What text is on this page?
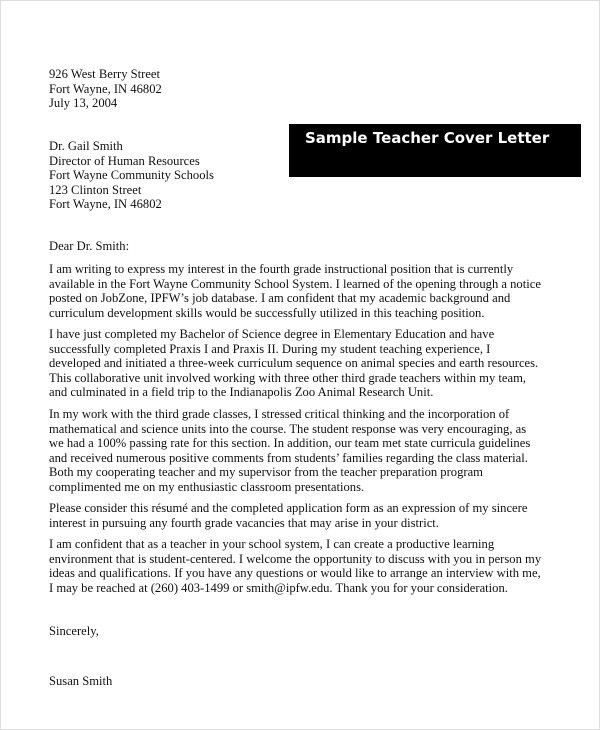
926 West Berry Street
Fort Wayne, IN 46802
July 13, 2004
Dr. Gail Smith
Director of Human Resources
Fort Wayne Community Schools
123 Clinton Street
Fort Wayne, IN 46802
Sample Teacher Cover Letter
Dear Dr. Smith:
I am writing to express my interest in the fourth grade instructional position that is currently
available in the Fort Wayne Community School System. I learned of the opening through a notice
posted on JobZone, IPFW’s job database. I am confident that my academic background and
curriculum development skills would be successfully utilized in this teaching position.
I have just completed my Bachelor of Science degree in Elementary Education and have
successfully completed Praxis I and Praxis II. During my student teaching experience, I
developed and initiated a three-week curriculum sequence on animal species and earth resources.
This collaborative unit involved working with three other third grade teachers within my team,
and culminated in a field trip to the Indianapolis Zoo Animal Research Unit.
In my work with the third grade classes, I stressed critical thinking and the incorporation of
mathematical and science units into the course. The student response was very encouraging, as
we had a 100% passing rate for this section. In addition, our team met state curricula guidelines
and received numerous positive comments from students’ families regarding the class material.
Both my cooperating teacher and my supervisor from the teacher preparation program
complimented me on my enthusiastic classroom presentations.
Please consider this résumé and the completed application form as an expression of my sincere
interest in pursuing any fourth grade vacancies that may arise in your district.
I am confident that as a teacher in your school system, I can create a productive learning
environment that is student-centered. I welcome the opportunity to discuss with you in person my
ideas and qualifications. If you have any questions or would like to arrange an interview with me,
I may be reached at (260) 403-1499 or smith@ipfw.edu. Thank you for your consideration.
Sincerely,
Susan Smith
